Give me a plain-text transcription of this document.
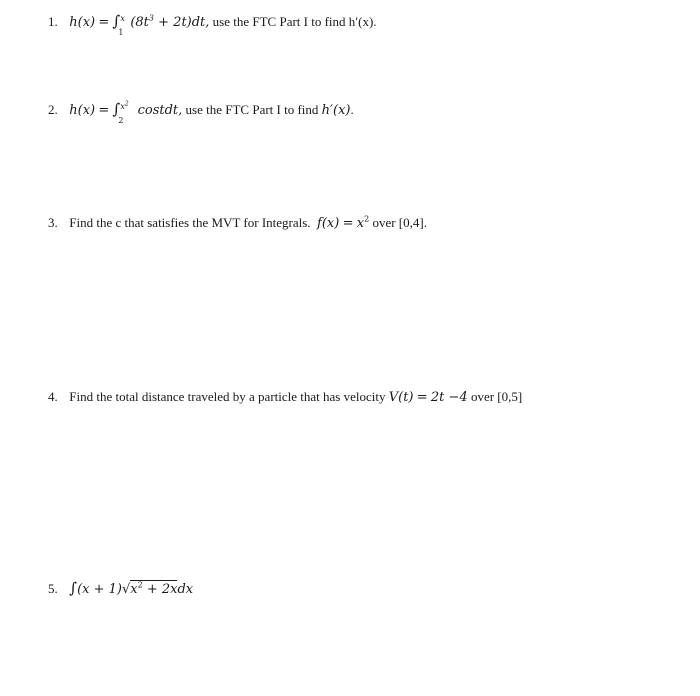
1. h(x) = ∫ x
1
$(8t^3 + 2t)dt$, use the FTC Part I to find h′(x).
2. h(x) = ∫ $x^2$
2
costdt, use the FTC Part I to find h′(x).
3. Find the c that satisfies the MVT for Integrals. $f(x) = x^2$ over [0,4].
4. Find the total distance traveled by a particle that has velocity V(t) = 2t −4 over [0,5]
5. $\int(x + 1)√x^2 + 2xdx$
